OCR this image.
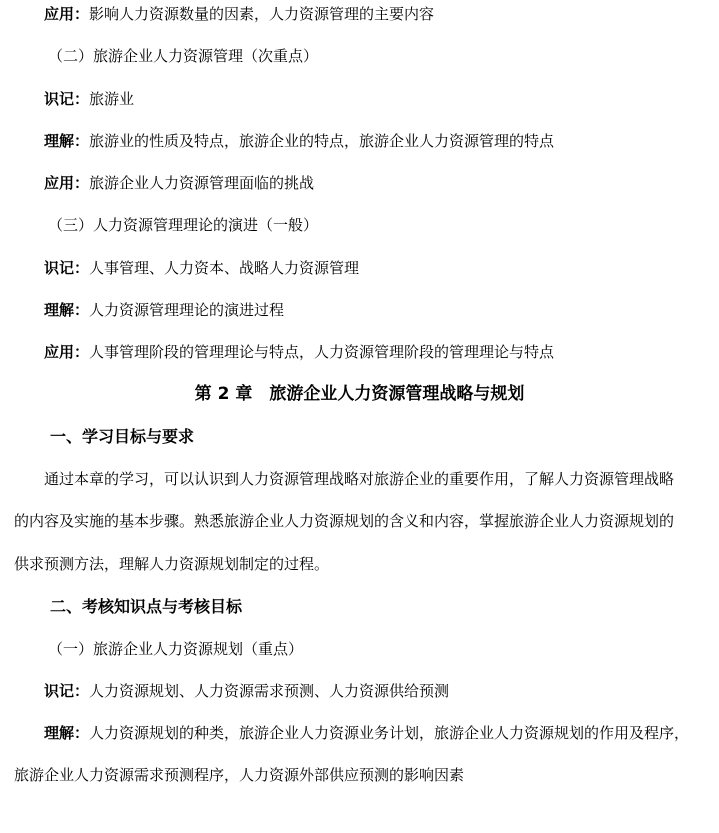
应用：影响人力资源数量的因素，人力资源管理的主要内容
（二）旅游企业人力资源管理（次重点）
识记：旅游业
理解：旅游业的性质及特点，旅游企业的特点，旅游企业人力资源管理的特点
应用：旅游企业人力资源管理面临的挑战
（三）人力资源管理理论的演进（一般）
识记：人事管理、人力资本、战略人力资源管理
理解：人力资源管理理论的演进过程
应用：人事管理阶段的管理理论与特点，人力资源管理阶段的管理理论与特点
第 2 章　旅游企业人力资源管理战略与规划
一、学习目标与要求
通过本章的学习，可以认识到人力资源管理战略对旅游企业的重要作用，了解人力资源管理战略
的内容及实施的基本步骤。熟悉旅游企业人力资源规划的含义和内容，掌握旅游企业人力资源规划的
供求预测方法，理解人力资源规划制定的过程。
二、考核知识点与考核目标
（一）旅游企业人力资源规划（重点）
识记：人力资源规划、人力资源需求预测、人力资源供给预测
理解：人力资源规划的种类，旅游企业人力资源业务计划，旅游企业人力资源规划的作用及程序，
旅游企业人力资源需求预测程序，人力资源外部供应预测的影响因素
